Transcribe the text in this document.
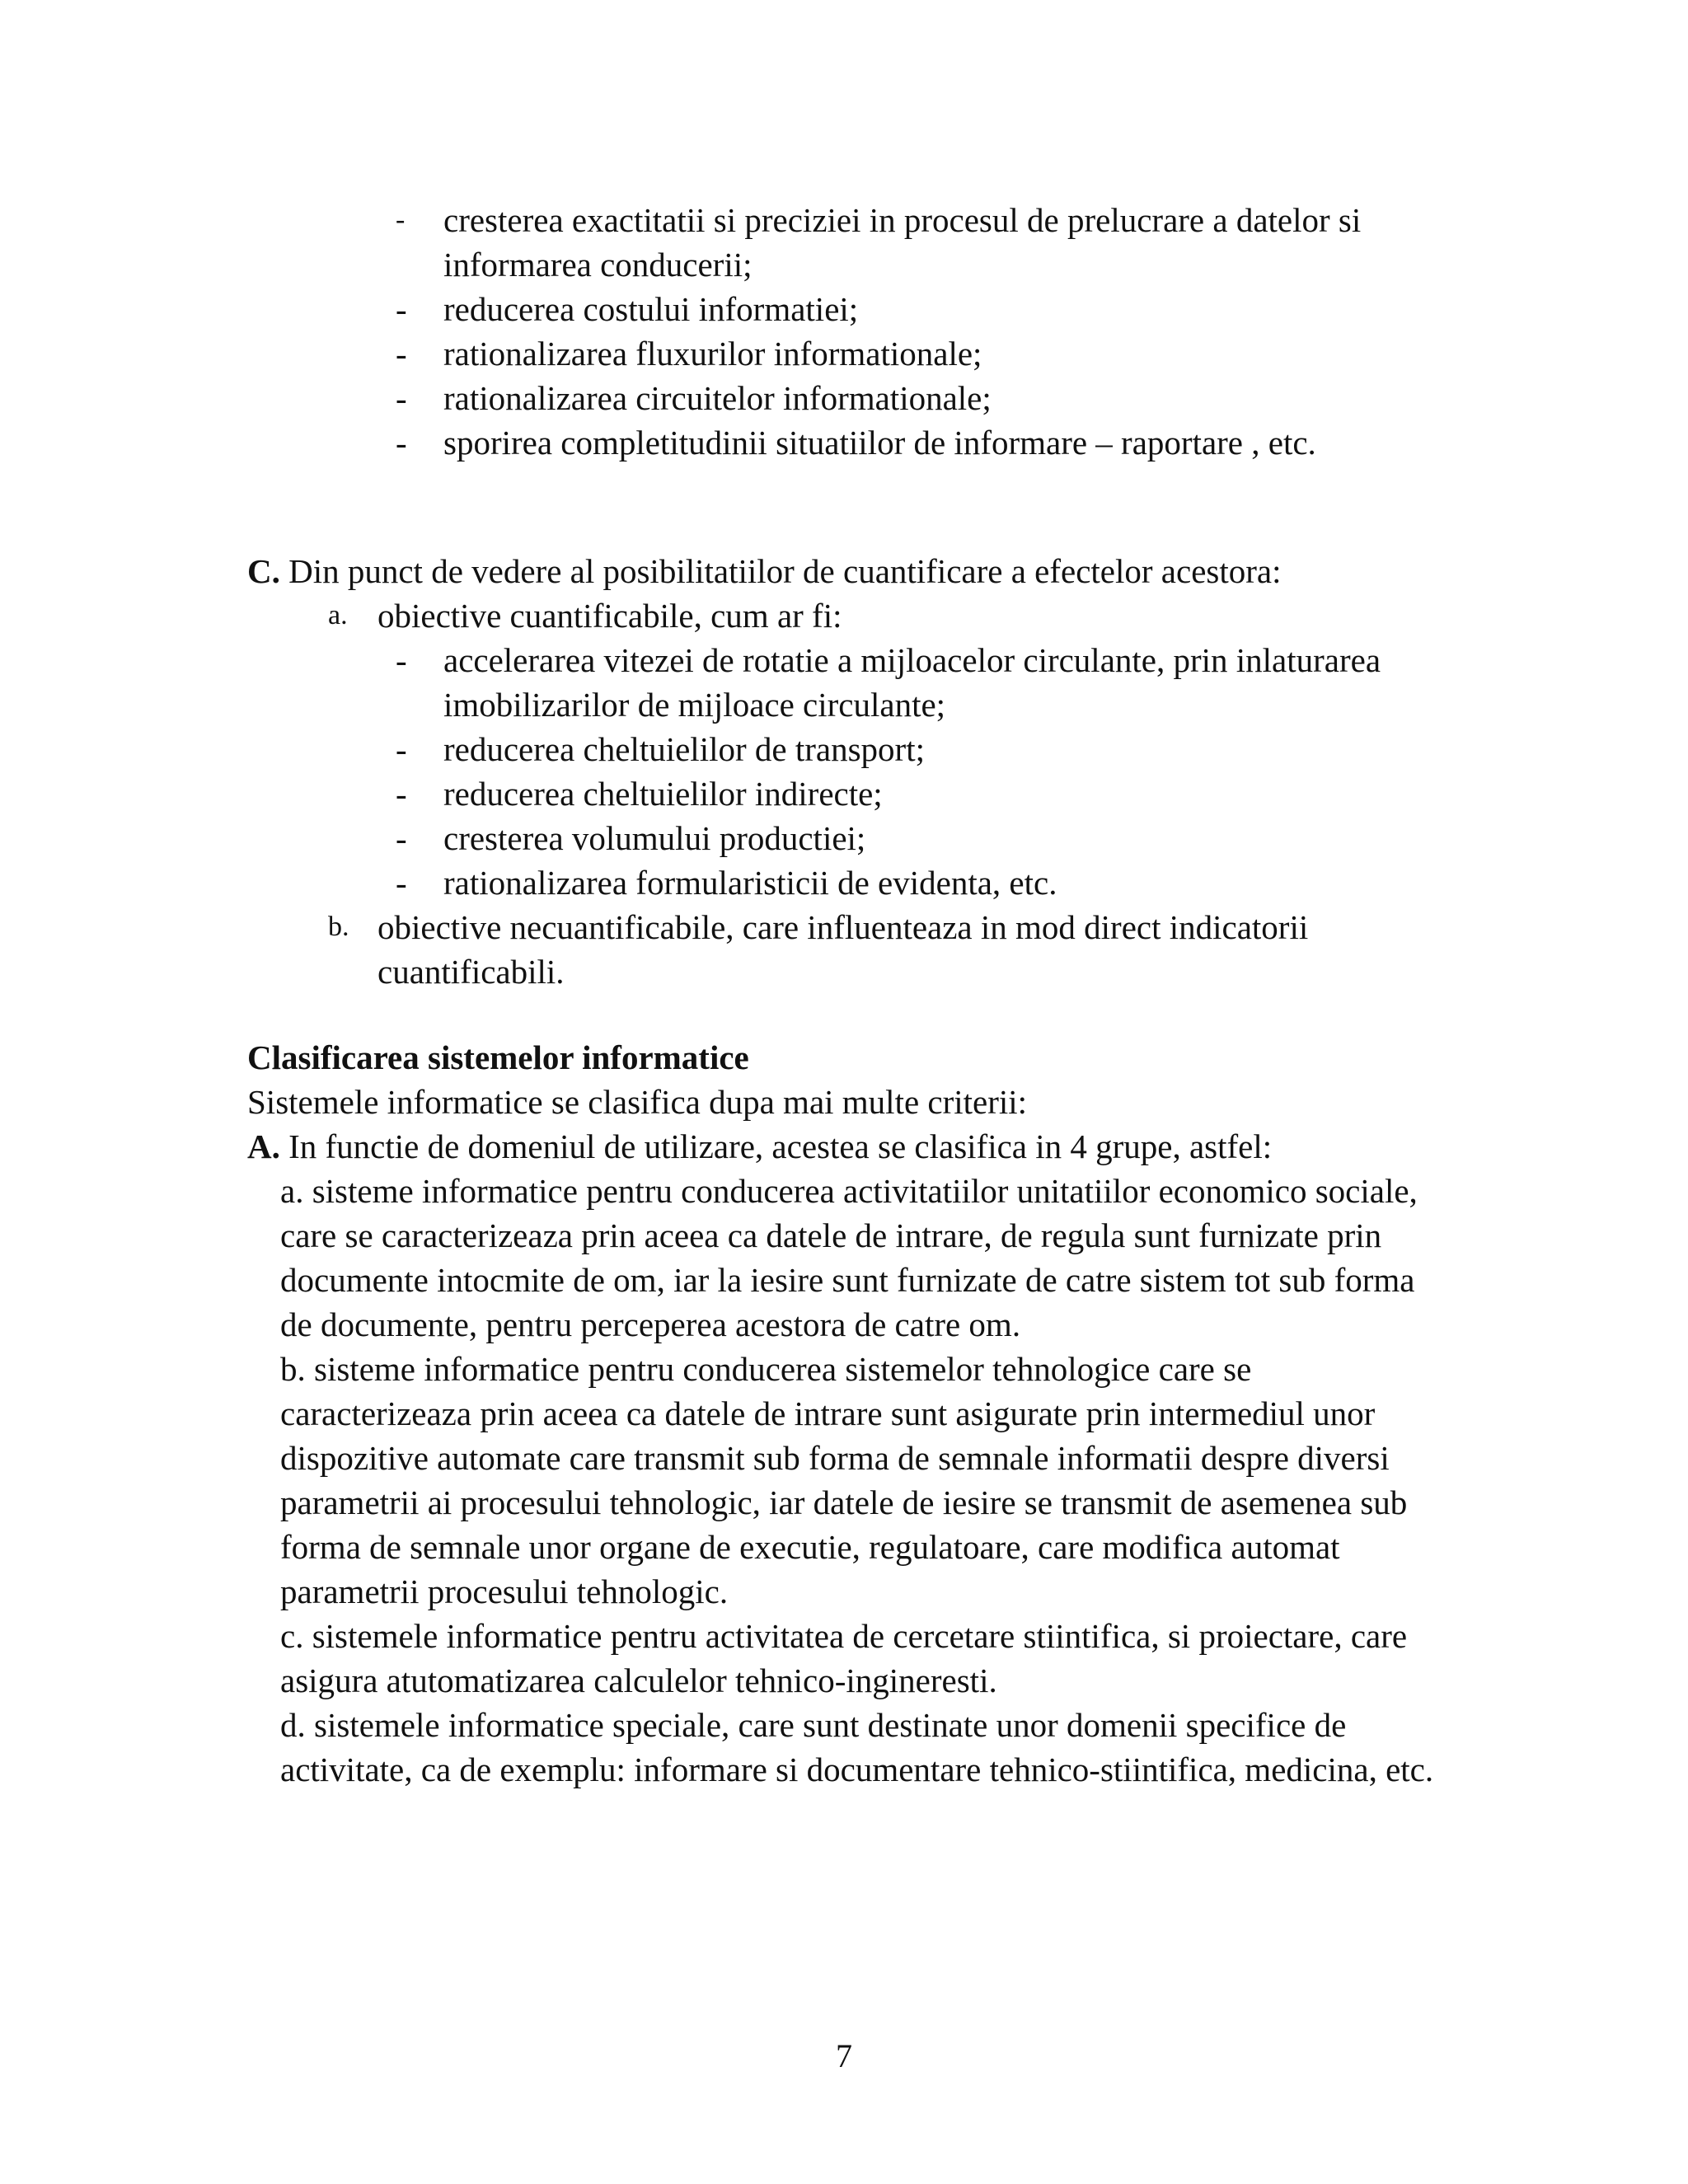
- cresterea exactitatii si preciziei in procesul de prelucrare a datelor si informarea conducerii;
- reducerea costului informatiei;
- rationalizarea fluxurilor informationale;
- rationalizarea circuitelor informationale;
- sporirea completitudinii situatiilor de informare – raportare , etc.
C. Din punct de vedere al posibilitatiilor de cuantificare a efectelor acestora:
a. obiective cuantificabile, cum ar fi:
- accelerarea vitezei de rotatie a mijloacelor circulante, prin inlaturarea imobilizarilor de mijloace circulante;
- reducerea cheltuielilor de transport;
- reducerea cheltuielilor indirecte;
- cresterea volumului productiei;
- rationalizarea formularisticii de evidenta, etc.
b. obiective necuantificabile, care influenteaza in mod direct indicatorii cuantificabili.
Clasificarea sistemelor informatice
Sistemele informatice se clasifica dupa mai multe criterii:
A. In functie de domeniul de utilizare, acestea se clasifica in 4 grupe, astfel:
a. sisteme informatice pentru conducerea activitatiilor unitatiilor economico sociale, care se caracterizeaza prin aceea ca datele de intrare, de regula sunt furnizate prin documente intocmite de om, iar la iesire sunt furnizate de catre sistem tot sub forma de documente, pentru perceperea acestora de catre om.
b. sisteme informatice pentru conducerea sistemelor tehnologice care se caracterizeaza prin aceea ca datele de intrare sunt asigurate prin intermediul unor dispozitive automate care transmit sub forma de semnale informatii despre diversi parametrii ai procesului tehnologic, iar datele de iesire se transmit de asemenea sub forma de semnale unor organe de executie, regulatoare, care modifica automat parametrii procesului tehnologic.
c. sistemele informatice pentru activitatea de cercetare stiintifica, si proiectare, care asigura atutomatizarea calculelor tehnico-ingineresti.
d. sistemele informatice speciale, care sunt destinate unor domenii specifice de activitate, ca de exemplu: informare si documentare tehnico-stiintifica, medicina, etc.
7
